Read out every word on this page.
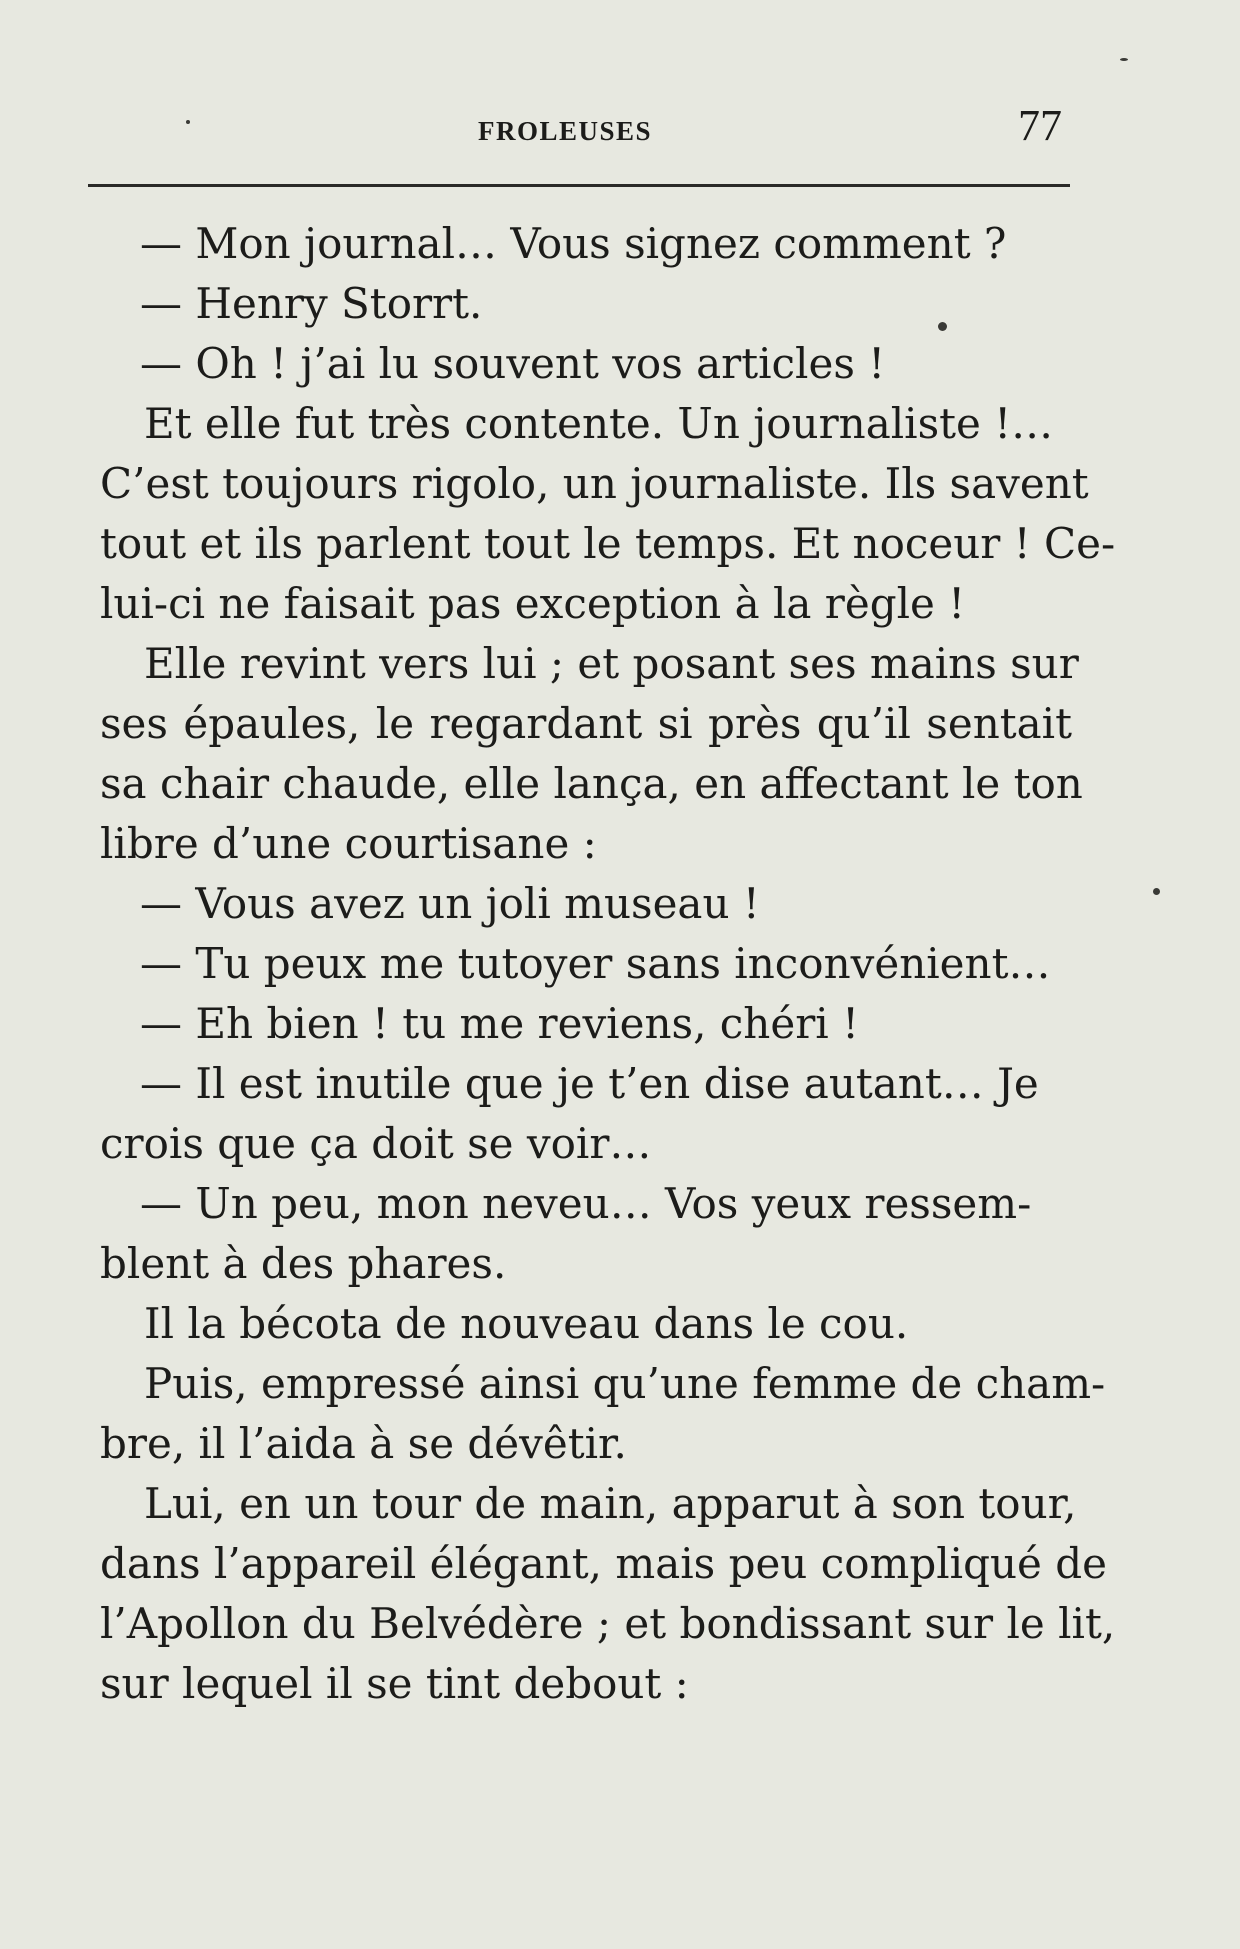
FROLEUSES	77
— Mon journal… Vous signez comment ?
— Henry Storrt.
— Oh ! j’ai lu souvent vos articles !
Et elle fut très contente. Un journaliste !…
C’est toujours rigolo, un journaliste. Ils savent
tout et ils parlent tout le temps. Et noceur ! Ce-
lui-ci ne faisait pas exception à la règle !
Elle revint vers lui ; et posant ses mains sur
ses épaules, le regardant si près qu’il sentait
sa chair chaude, elle lança, en affectant le ton
libre d’une courtisane :
— Vous avez un joli museau !
— Tu peux me tutoyer sans inconvénient…
— Eh bien ! tu me reviens, chéri !
— Il est inutile que je t’en dise autant… Je
crois que ça doit se voir…
— Un peu, mon neveu… Vos yeux ressem-
blent à des phares.
Il la bécota de nouveau dans le cou.
Puis, empressé ainsi qu’une femme de cham-
bre, il l’aida à se dévêtir.
Lui, en un tour de main, apparut à son tour,
dans l’appareil élégant, mais peu compliqué de
l’Apollon du Belvédère ; et bondissant sur le lit,
sur lequel il se tint debout :
